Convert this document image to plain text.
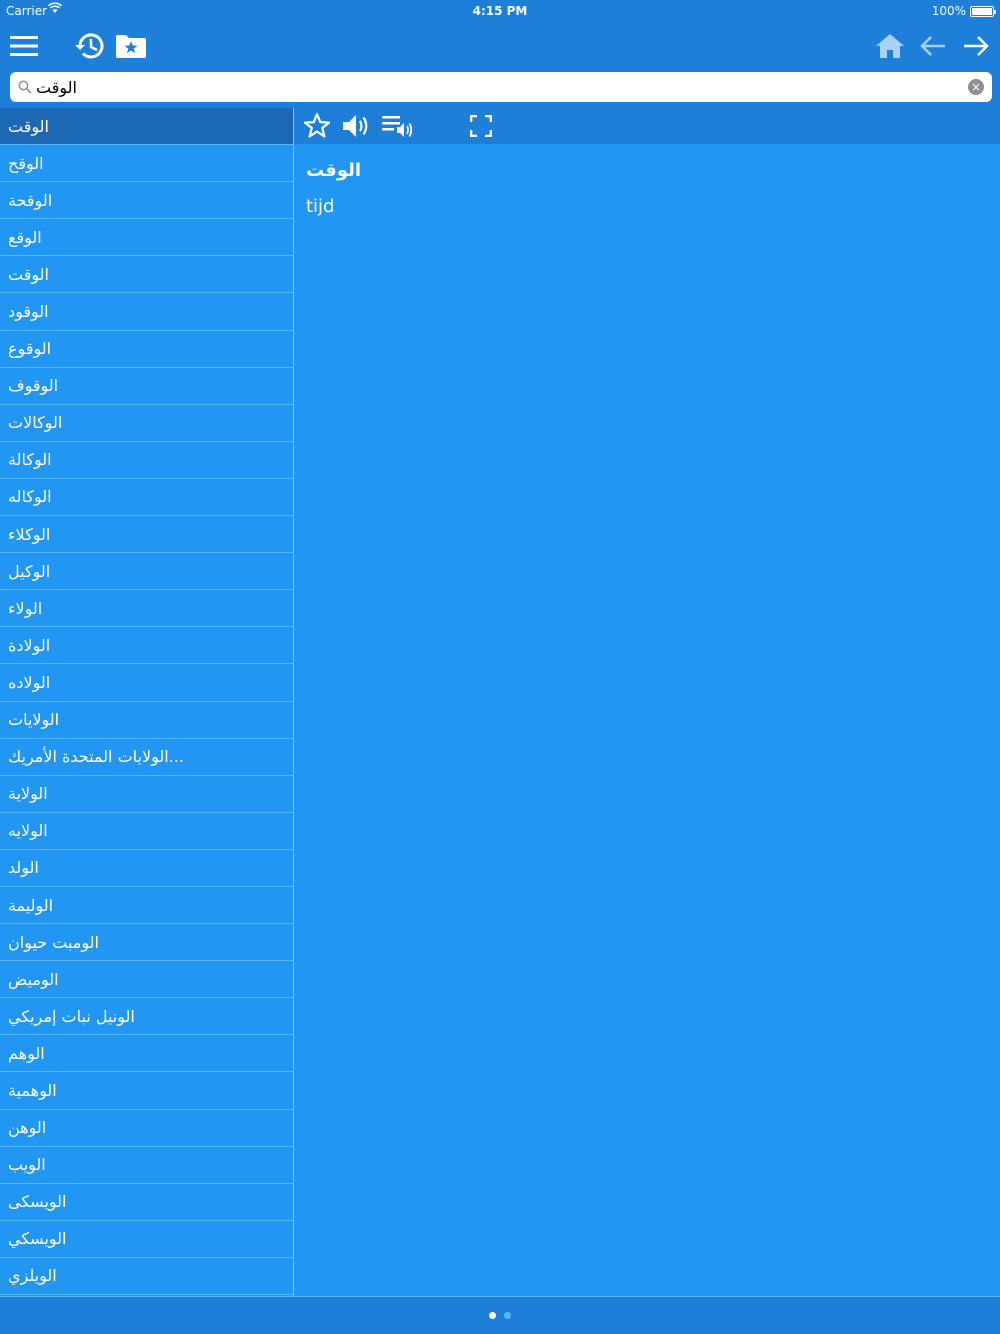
Carrier	4:15 PM	100%
الوقت
×
الوقت
الوقح
الوقحة
الوقع
الوقت
الوقود
الوقوع
الوقوف
الوكالات
الوكالة
الوكاله
الوكلاء
الوكيل
الولاء
الولادة
الولاده
الولايات
الولايات المتحدة الأمريك...
الولاية
الولايه
الولد
الوليمة
الومبت حيوان
الوميض
الونيل نبات إمريكي
الوهم
الوهمية
الوهن
الويب
الويسكى
الويسكي
الويلزي
الوقت
tijd
